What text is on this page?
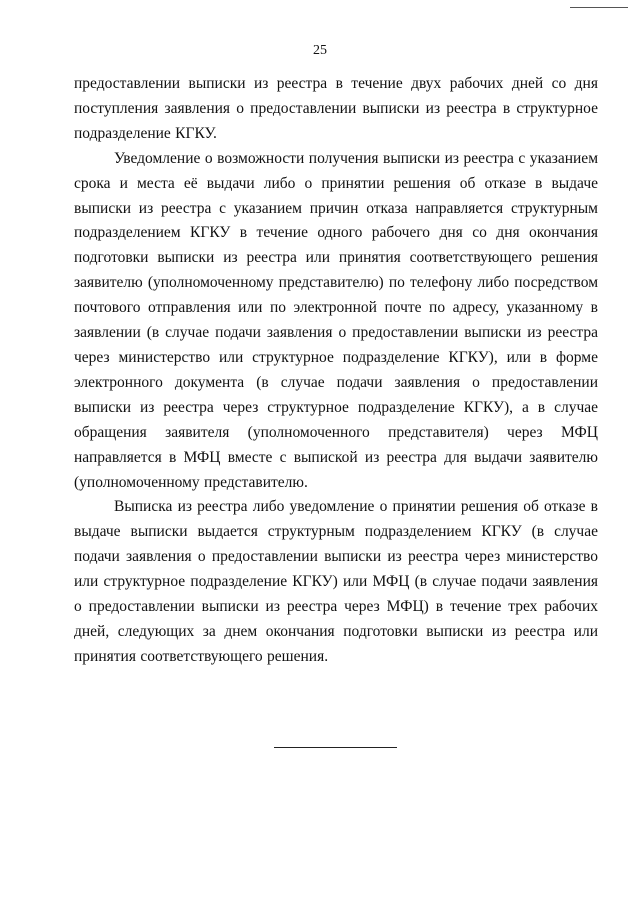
25

предоставлении выписки из реестра в течение двух рабочих дней со дня поступления заявления о предоставлении выписки из реестра в структурное подразделение КГКУ.

Уведомление о возможности получения выписки из реестра с указанием срока и места её выдачи либо о принятии решения об отказе в выдаче выписки из реестра с указанием причин отказа направляется структурным подразделением КГКУ в течение одного рабочего дня со дня окончания подготовки выписки из реестра или принятия соответствующего решения заявителю (уполномоченному представителю) по телефону либо посредством почтового отправления или по электронной почте по адресу, указанному в заявлении (в случае подачи заявления о предоставлении выписки из реестра через министерство или структурное подразделение КГКУ), или в форме электронного документа (в случае подачи заявления о предоставлении выписки из реестра через структурное подразделение КГКУ), а в случае обращения заявителя (уполномоченного представителя) через МФЦ направляется в МФЦ вместе с выпиской из реестра для выдачи заявителю (уполномоченному представителю.

Выписка из реестра либо уведомление о принятии решения об отказе в выдаче выписки выдается структурным подразделением КГКУ (в случае подачи заявления о предоставлении выписки из реестра через министерство или структурное подразделение КГКУ) или МФЦ (в случае подачи заявления о предоставлении выписки из реестра через МФЦ) в течение трех рабочих дней, следующих за днем окончания подготовки выписки из реестра или принятия соответствующего решения.
